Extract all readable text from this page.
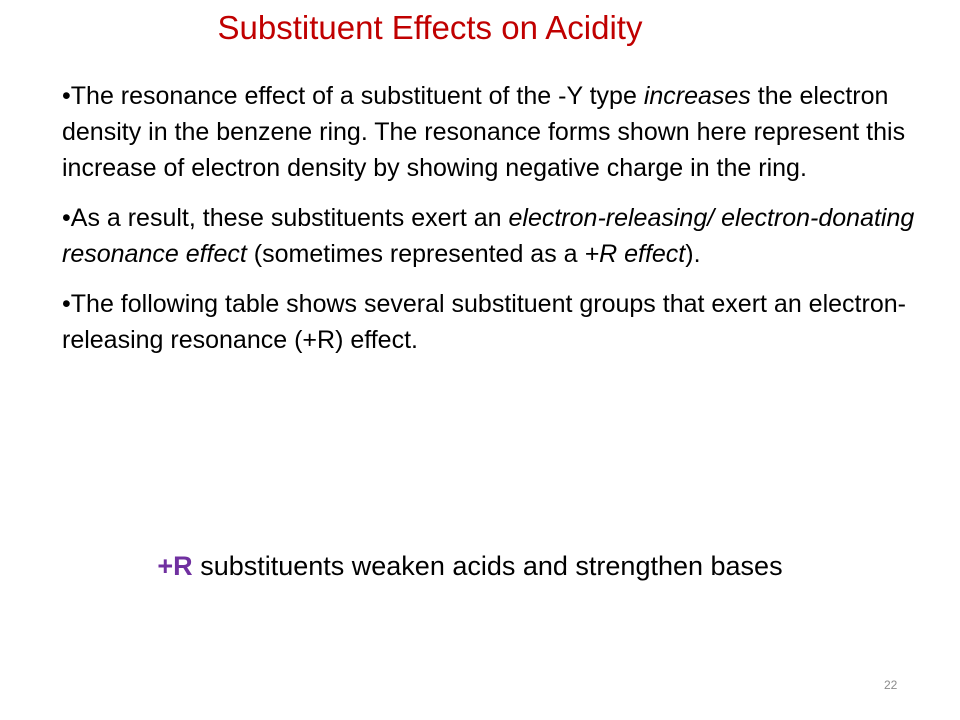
Substituent Effects on Acidity

•The resonance effect of a substituent of the -Y type increases the electron density in the benzene ring. The resonance forms shown here represent this increase of electron density by showing negative charge in the ring.

•As a result, these substituents exert an electron-releasing/ electron-donating resonance effect (sometimes represented as a +R effect).

•The following table shows several substituent groups that exert an electron-releasing resonance (+R) effect.

+R substituents weaken acids and strengthen bases
22
